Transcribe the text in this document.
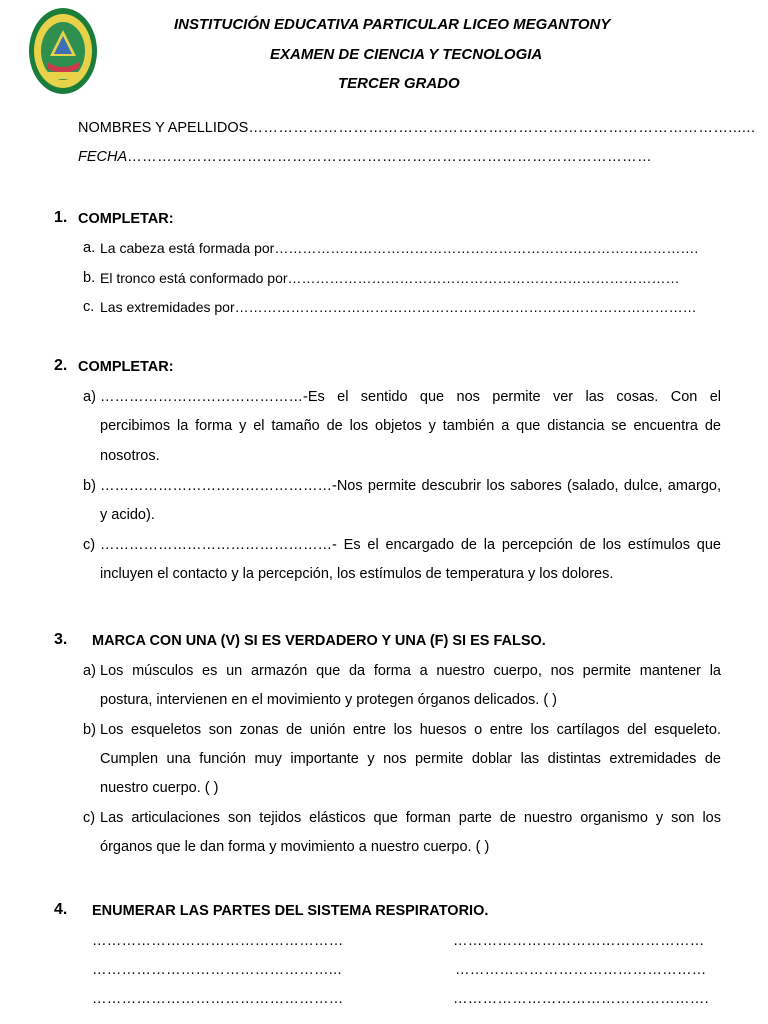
INSTITUCIÓN EDUCATIVA PARTICULAR LICEO MEGANTONY
EXAMEN DE CIENCIA Y TECNOLOGIA
TERCER GRADO
NOMBRES Y APELLIDOS……………………………………………………………………………………......
FECHA……………………………………………………………………………………………
1. COMPLETAR:
a. La cabeza está formada por……………………………………………………………………………….
b. El tronco está conformado por…………………………………………………………………………
c. Las extremidades por………………………………………………………………………………………
2. COMPLETAR:
a) ……………………………………-Es el sentido que nos permite ver las cosas. Con el
percibimos la forma y el tamaño de los objetos y también a que distancia se encuentra de
nosotros.
b) …………………………………………-Nos permite descubrir los sabores (salado, dulce, amargo,
y acido).
c) …………………………………………- Es el encargado de la percepción de los estímulos que
incluyen el contacto y la percepción, los estímulos de temperatura y los dolores.
3. MARCA CON UNA (V) SI ES VERDADERO Y UNA (F) SI ES FALSO.
a) Los músculos es un armazón que da forma a nuestro cuerpo, nos permite mantener la
postura, intervienen en el movimiento y protegen órganos delicados. ( )
b) Los esqueletos son zonas de unión entre los huesos o entre los cartílagos del esqueleto.
Cumplen una función muy importante y nos permite doblar las distintas extremidades de
nuestro cuerpo. ( )
c) Las articulaciones son tejidos elásticos que forman parte de nuestro organismo y son los
órganos que le dan forma y movimiento a nuestro cuerpo. ( )
4. ENUMERAR LAS PARTES DEL SISTEMA RESPIRATORIO.
……………………………………………
…………………………………………...
……………………………………………
……………………………………………
……………………………………………
…………………………………………….
